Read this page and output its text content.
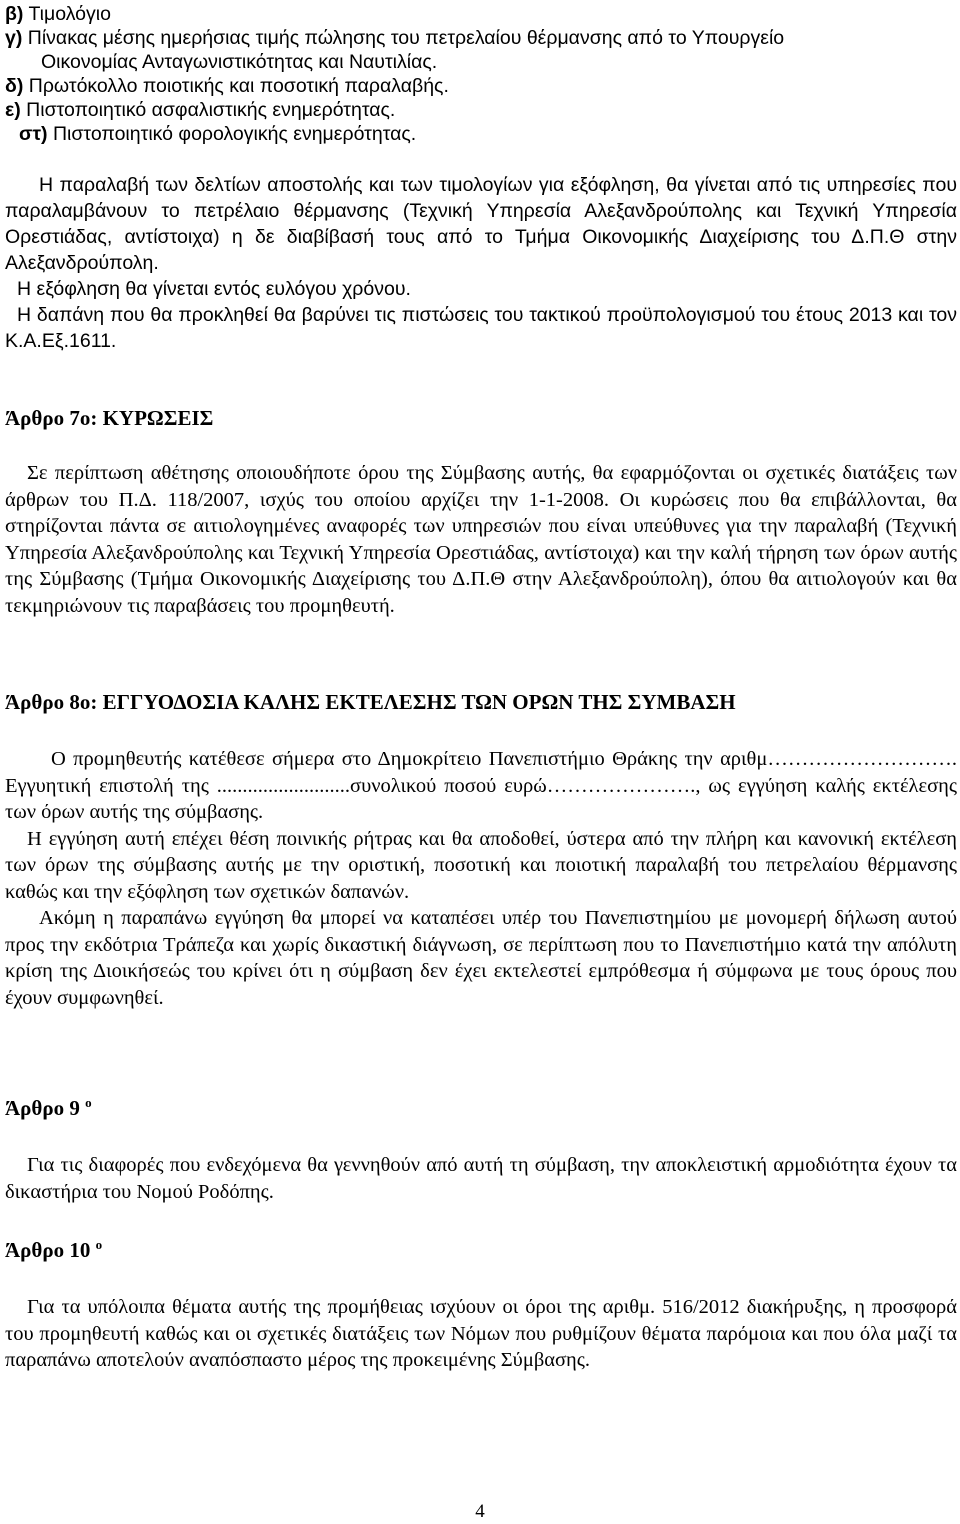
β) Τιμολόγιο

γ) Πίνακας μέσης ημερήσιας τιμής πώλησης του πετρελαίου θέρμανσης από το Υπουργείο

Οικονομίας Ανταγωνιστικότητας και Ναυτιλίας.

δ) Πρωτόκολλο ποιοτικής και ποσοτική παραλαβής.

ε) Πιστοποιητικό ασφαλιστικής ενημερότητας.

στ) Πιστοποιητικό φορολογικής ενημερότητας.

Η παραλαβή των δελτίων αποστολής και των τιμολογίων για εξόφληση, θα γίνεται από τις υπηρεσίες που παραλαμβάνουν το πετρέλαιο θέρμανσης (Τεχνική Υπηρεσία Αλεξανδρούπολης και Τεχνική Υπηρεσία Ορεστιάδας, αντίστοιχα) η δε διαβίβασή τους από το Τμήμα Οικονομικής Διαχείρισης του Δ.Π.Θ στην Αλεξανδρούπολη.

Η εξόφληση θα γίνεται εντός ευλόγου χρόνου.

Η δαπάνη που θα προκληθεί θα βαρύνει τις πιστώσεις του τακτικού προϋπολογισμού του έτους 2013 και τον Κ.Α.Εξ.1611.

Άρθρο 7ο: ΚΥΡΩΣΕΙΣ

Σε περίπτωση αθέτησης οποιουδήποτε όρου της Σύμβασης αυτής, θα εφαρμόζονται οι σχετικές διατάξεις των άρθρων του Π.Δ. 118/2007, ισχύς του οποίου αρχίζει την 1-1-2008. Οι κυρώσεις που θα επιβάλλονται, θα στηρίζονται πάντα σε αιτιολογημένες αναφορές των υπηρεσιών που είναι υπεύθυνες για την παραλαβή (Τεχνική Υπηρεσία Αλεξανδρούπολης και Τεχνική Υπηρεσία Ορεστιάδας, αντίστοιχα) και την καλή τήρηση των όρων αυτής της Σύμβασης (Τμήμα Οικονομικής Διαχείρισης του Δ.Π.Θ στην Αλεξανδρούπολη), όπου θα αιτιολογούν και θα τεκμηριώνουν τις παραβάσεις του προμηθευτή.

Άρθρο 8ο: ΕΓΓΥΟΔΟΣΙΑ ΚΑΛΗΣ ΕΚΤΕΛΕΣΗΣ ΤΩΝ ΟΡΩΝ ΤΗΣ ΣΥΜΒΑΣΗ

Ο προμηθευτής κατέθεσε σήμερα στο Δημοκρίτειο Πανεπιστήμιο Θράκης την αριθμ………………………. Εγγυητική επιστολή της ..........................συνολικού ποσού ευρώ…………………., ως εγγύηση καλής εκτέλεσης των όρων αυτής της σύμβασης.

Η εγγύηση αυτή επέχει θέση ποινικής ρήτρας και θα αποδοθεί, ύστερα από την πλήρη και κανονική εκτέλεση των όρων της σύμβασης αυτής με την οριστική, ποσοτική και ποιοτική παραλαβή του πετρελαίου θέρμανσης καθώς και την εξόφληση των σχετικών δαπανών.

Ακόμη η παραπάνω εγγύηση θα μπορεί να καταπέσει υπέρ του Πανεπιστημίου με μονομερή δήλωση αυτού προς την εκδότρια Τράπεζα και χωρίς δικαστική διάγνωση, σε περίπτωση που το Πανεπιστήμιο κατά την απόλυτη κρίση της Διοικήσεώς του κρίνει ότι η σύμβαση δεν έχει εκτελεστεί εμπρόθεσμα ή σύμφωνα με τους όρους που έχουν συμφωνηθεί.

Άρθρο 9 $^o$

Για τις διαφορές που ενδεχόμενα θα γεννηθούν από αυτή τη σύμβαση, την αποκλειστική αρμοδιότητα έχουν τα δικαστήρια του Νομού Ροδόπης.

Άρθρο 10 $^o$

Για τα υπόλοιπα θέματα αυτής της προμήθειας ισχύουν οι όροι της αριθμ. 516/2012 διακήρυξης, η προσφορά του προμηθευτή καθώς και οι σχετικές διατάξεις των Νόμων που ρυθμίζουν θέματα παρόμοια και που όλα μαζί τα παραπάνω αποτελούν αναπόσπαστο μέρος της προκειμένης Σύμβασης.

4
